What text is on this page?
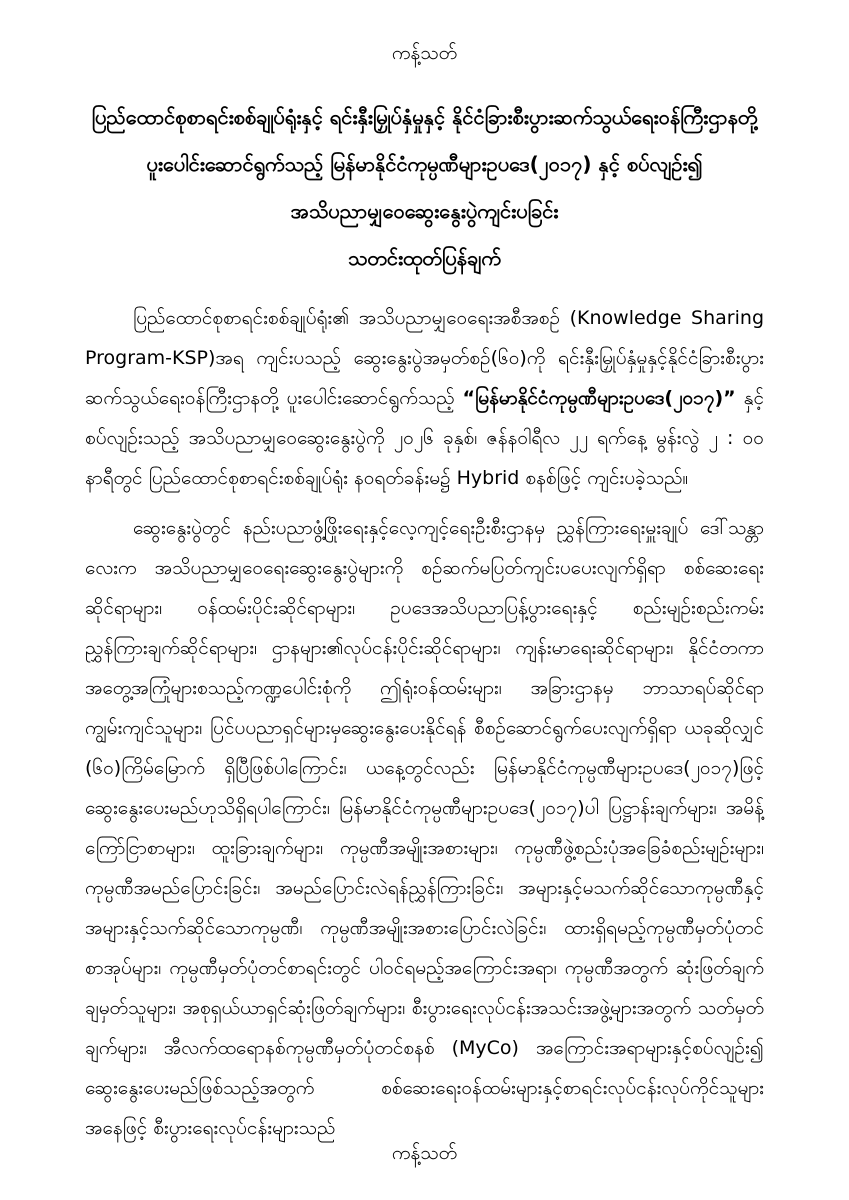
ကန့်သတ်
ပြည်ထောင်စုစာရင်းစစ်ချုပ်ရုံးနှင့် ရင်းနှီးမြှုပ်နှံမှုနှင့် နိုင်ငံခြားစီးပွားဆက်သွယ်ရေးဝန်ကြီးဌာနတို့
ပူးပေါင်းဆောင်ရွက်သည့် မြန်မာနိုင်ငံကုမ္ပဏီများဥပဒေ(၂၀၁၇) နှင့် စပ်လျဉ်း၍
အသိပညာမျှဝေဆွေးနွေးပွဲကျင်းပခြင်း
သတင်းထုတ်ပြန်ချက်

ပြည်ထောင်စုစာရင်းစစ်ချုပ်ရုံး၏ အသိပညာမျှဝေရေးအစီအစဉ် (Knowledge Sharing Program-KSP)အရ ကျင်းပသည့် ဆွေးနွေးပွဲအမှတ်စဉ်(၆၀)ကို ရင်းနှီးမြှုပ်နှံမှုနှင့်နိုင်ငံခြားစီးပွားဆက်သွယ်ရေးဝန်ကြီးဌာနတို့ ပူးပေါင်းဆောင်ရွက်သည့် “မြန်မာနိုင်ငံကုမ္ပဏီများဥပဒေ(၂၀၁၇)” နှင့်စပ်လျဉ်းသည့် အသိပညာမျှဝေဆွေးနွေးပွဲကို ၂၀၂၆ ခုနှစ်၊ ဇန်နဝါရီလ ၂၂ ရက်နေ့ မွန်းလွဲ ၂ : ၀၀ နာရီတွင် ပြည်ထောင်စုစာရင်းစစ်ချုပ်ရုံး နဝရတ်ခန်းမ၌ Hybrid စနစ်ဖြင့် ကျင်းပခဲ့သည်။

ဆွေးနွေးပွဲတွင် နည်းပညာဖွံ့ဖြိုးရေးနှင့်လေ့ကျင့်ရေးဦးစီးဌာနမှ ညွှန်ကြားရေးမှူးချုပ် ဒေါ်သန္တာလေးက အသိပညာမျှဝေရေးဆွေးနွေးပွဲများကို စဉ်ဆက်မပြတ်ကျင်းပပေးလျက်ရှိရာ စစ်ဆေးရေးဆိုင်ရာများ၊ ဝန်ထမ်းပိုင်းဆိုင်ရာများ၊ ဥပဒေအသိပညာပြန့်ပွားရေးနှင့် စည်းမျဉ်းစည်းကမ်းညွှန်ကြားချက်ဆိုင်ရာများ၊ ဌာနများ၏လုပ်ငန်းပိုင်းဆိုင်ရာများ၊ ကျန်းမာရေးဆိုင်ရာများ၊ နိုင်ငံတကာအတွေ့အကြုံများစသည့်ကဏ္ဍပေါင်းစုံကို ဤရုံးဝန်ထမ်းများ၊ အခြားဌာနမှ ဘာသာရပ်ဆိုင်ရာကျွမ်းကျင်သူများ၊ ပြင်ပပညာရှင်များမှဆွေးနွေးပေးနိုင်ရန် စီစဉ်ဆောင်ရွက်ပေးလျက်ရှိရာ ယခုဆိုလျှင် (၆၀)ကြိမ်မြောက် ရှိပြီဖြစ်ပါကြောင်း၊ ယနေ့တွင်လည်း မြန်မာနိုင်ငံကုမ္ပဏီများဥပဒေ(၂၀၁၇)ဖြင့် ဆွေးနွေးပေးမည်ဟုသိရှိရပါကြောင်း၊ မြန်မာနိုင်ငံကုမ္ပဏီများဥပဒေ(၂၀၁၇)ပါ ပြဋ္ဌာန်းချက်များ၊ အမိန့်ကြော်ငြာစာများ၊ ထူးခြားချက်များ၊ ကုမ္ပဏီအမျိုးအစားများ၊ ကုမ္ပဏီဖွဲ့စည်းပုံအခြေခံစည်းမျဉ်းများ၊ ကုမ္ပဏီအမည်ပြောင်းခြင်း၊ အမည်ပြောင်းလဲရန်ညွှန်ကြားခြင်း၊ အများနှင့်မသက်ဆိုင်သောကုမ္ပဏီနှင့် အများနှင့်သက်ဆိုင်သောကုမ္ပဏီ၊ ကုမ္ပဏီအမျိုးအစားပြောင်းလဲခြင်း၊ ထားရှိရမည့်ကုမ္ပဏီမှတ်ပုံတင်စာအုပ်များ၊ ကုမ္ပဏီမှတ်ပုံတင်စာရင်းတွင် ပါဝင်ရမည့်အကြောင်းအရာ၊ ကုမ္ပဏီအတွက် ဆုံးဖြတ်ချက်ချမှတ်သူများ၊ အစုရှယ်ယာရှင်ဆုံးဖြတ်ချက်များ၊ စီးပွားရေးလုပ်ငန်းအသင်းအဖွဲ့များအတွက် သတ်မှတ်ချက်များ၊ အီလက်ထရောနစ်ကုမ္ပဏီမှတ်ပုံတင်စနစ် (MyCo) အကြောင်းအရာများနှင့်စပ်လျဉ်း၍ ဆွေးနွေးပေးမည်ဖြစ်သည့်အတွက် စစ်ဆေးရေးဝန်ထမ်းများနှင့်စာရင်းလုပ်ငန်းလုပ်ကိုင်သူများအနေဖြင့် စီးပွားရေးလုပ်ငန်းများသည်

ကန့်သတ်
